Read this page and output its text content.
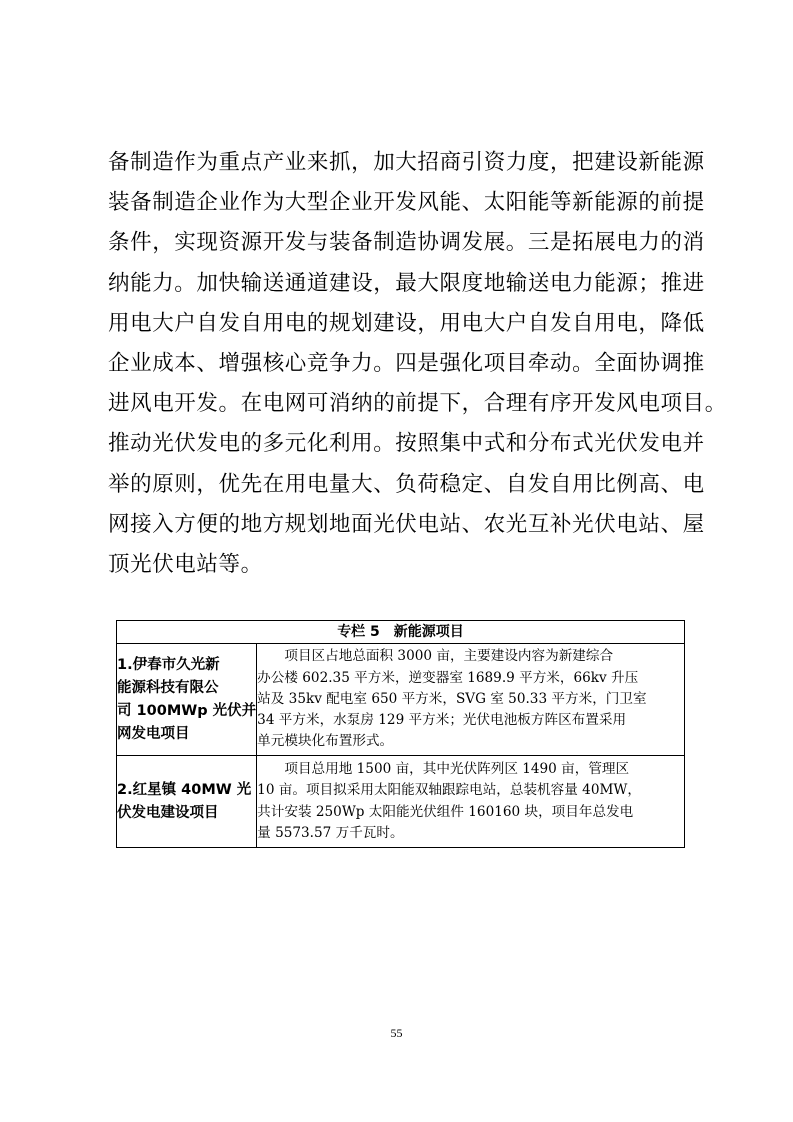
备制造作为重点产业来抓，加大招商引资力度，把建设新能源
装备制造企业作为大型企业开发风能、太阳能等新能源的前提
条件，实现资源开发与装备制造协调发展。三是拓展电力的消
纳能力。加快输送通道建设，最大限度地输送电力能源；推进
用电大户自发自用电的规划建设，用电大户自发自用电，降低
企业成本、增强核心竞争力。四是强化项目牵动。全面协调推
进风电开发。在电网可消纳的前提下，合理有序开发风电项目。
推动光伏发电的多元化利用。按照集中式和分布式光伏发电并
举的原则，优先在用电量大、负荷稳定、自发自用比例高、电
网接入方便的地方规划地面光伏电站、农光互补光伏电站、屋
顶光伏电站等。
专栏 5　新能源项目	

1.伊春市久光新
能源科技有限公
司 100MWp 光伏并
网发电项目	　　项目区占地总面积 3000 亩，主要建设内容为新建综合
办公楼 602.35 平方米，逆变器室 1689.9 平方米，66kv 升压
站及 35kv 配电室 650 平方米，SVG 室 50.33 平方米，门卫室
34 平方米，水泵房 129 平方米；光伏电池板方阵区布置采用
单元模块化布置形式。

2.红星镇 40MW 光
伏发电建设项目	　　项目总用地 1500 亩，其中光伏阵列区 1490 亩，管理区
10 亩。项目拟采用太阳能双轴跟踪电站，总装机容量 40MW，
共计安装 250Wp 太阳能光伏组件 160160 块，项目年总发电
量 5573.57 万千瓦时。
55
